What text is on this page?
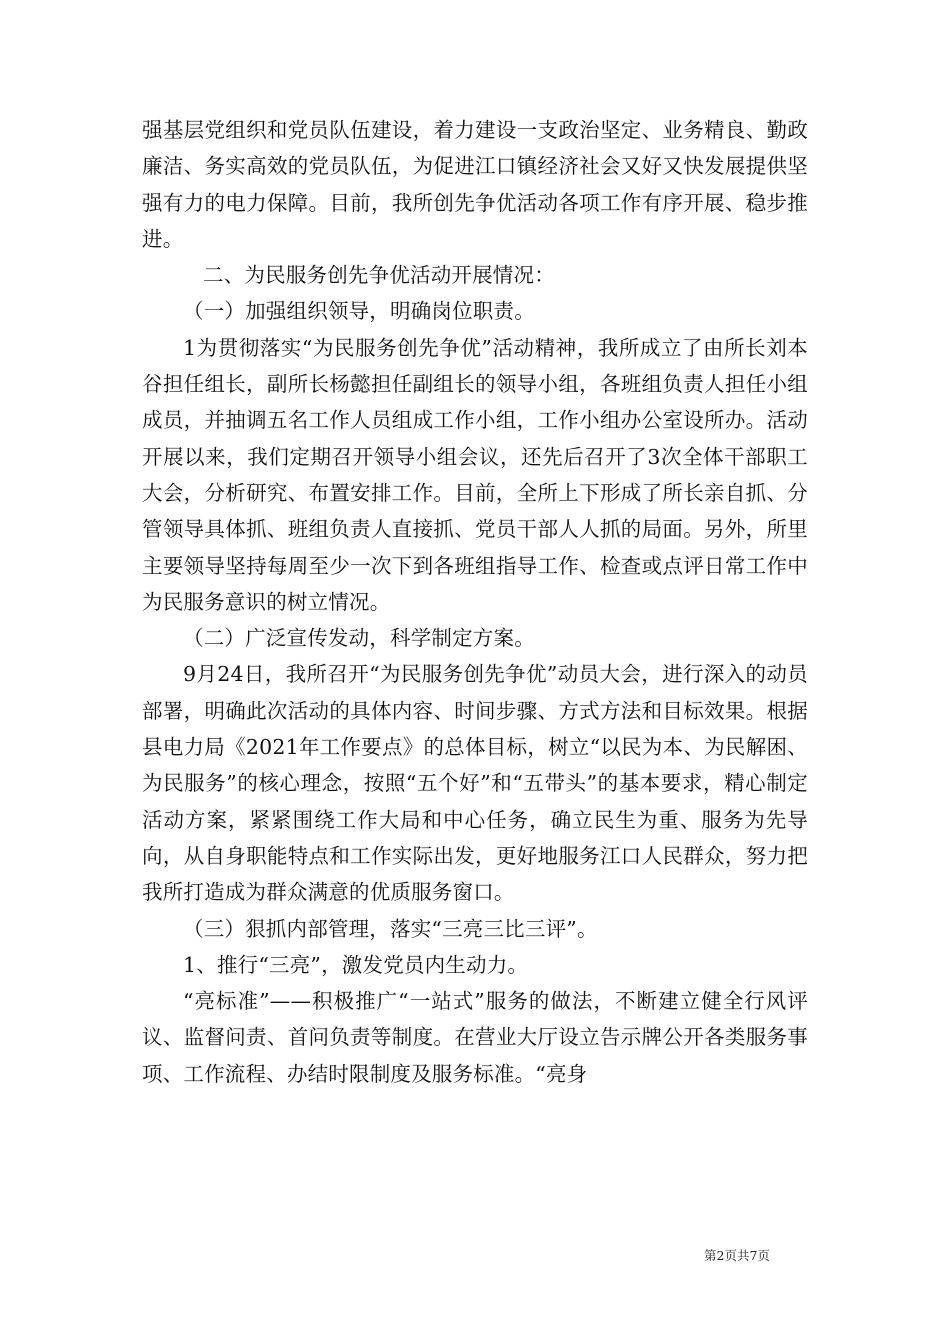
强基层党组织和党员队伍建设，着力建设一支政治坚定、业务精良、勤政廉洁、务实高效的党员队伍，为促进江口镇经济社会又好又快发展提供坚强有力的电力保障。目前，我所创先争优活动各项工作有序开展、稳步推进。

二、为民服务创先争优活动开展情况：

（一）加强组织领导，明确岗位职责。

1为贯彻落实“为民服务创先争优”活动精神，我所成立了由所长刘本谷担任组长，副所长杨懿担任副组长的领导小组，各班组负责人担任小组成员，并抽调五名工作人员组成工作小组，工作小组办公室设所办。活动开展以来，我们定期召开领导小组会议，还先后召开了3次全体干部职工大会，分析研究、布置安排工作。目前，全所上下形成了所长亲自抓、分管领导具体抓、班组负责人直接抓、党员干部人人抓的局面。另外，所里主要领导坚持每周至少一次下到各班组指导工作、检查或点评日常工作中为民服务意识的树立情况。

（二）广泛宣传发动，科学制定方案。

9月24日，我所召开“为民服务创先争优”动员大会，进行深入的动员部署，明确此次活动的具体内容、时间步骤、方式方法和目标效果。根据县电力局《2021年工作要点》的总体目标，树立“以民为本、为民解困、为民服务”的核心理念，按照“五个好”和“五带头”的基本要求，精心制定活动方案，紧紧围绕工作大局和中心任务，确立民生为重、服务为先导向，从自身职能特点和工作实际出发，更好地服务江口人民群众，努力把我所打造成为群众满意的优质服务窗口。

（三）狠抓内部管理，落实“三亮三比三评”。

1、推行“三亮”，激发党员内生动力。

“亮标准”——积极推广“一站式”服务的做法，不断建立健全行风评议、监督问责、首问负责等制度。在营业大厅设立告示牌公开各类服务事项、工作流程、办结时限制度及服务标准。“亮身

第2页共7页
